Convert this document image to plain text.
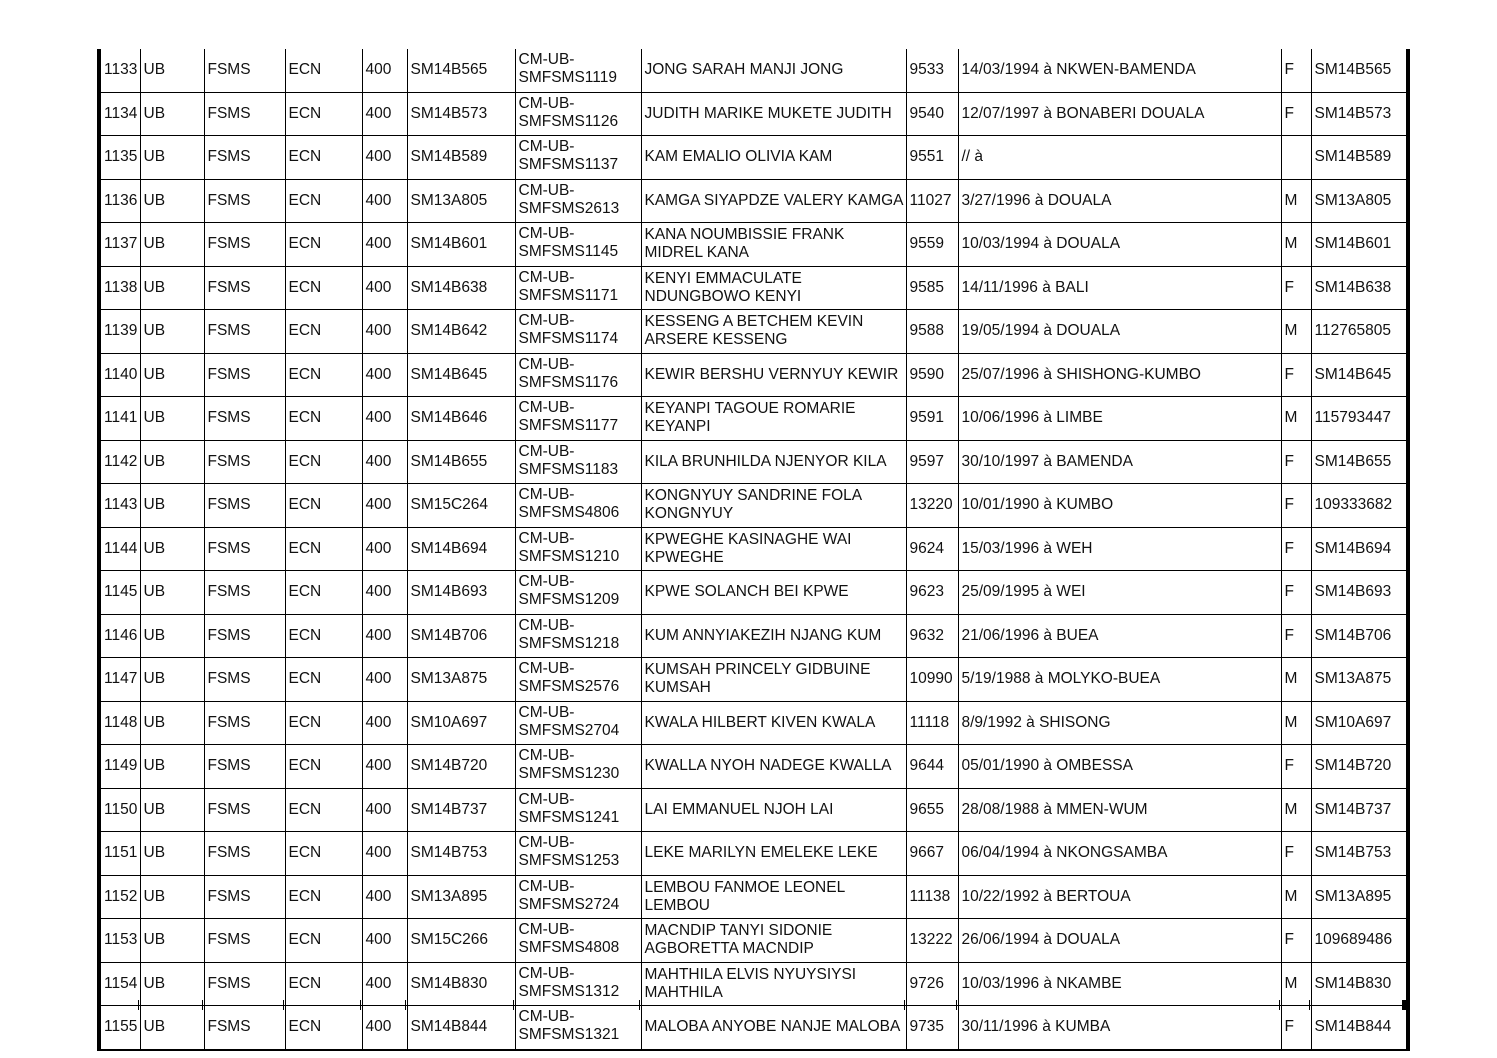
1133	UB	FSMS	ECN	400	SM14B565	CM-UB-SMFSMS1119	JONG SARAH MANJI JONG	9533	14/03/1994 à NKWEN-BAMENDA	F	SM14B565
1134	UB	FSMS	ECN	400	SM14B573	CM-UB-SMFSMS1126	JUDITH MARIKE MUKETE JUDITH	9540	12/07/1997 à BONABERI DOUALA	F	SM14B573
1135	UB	FSMS	ECN	400	SM14B589	CM-UB-SMFSMS1137	KAM EMALIO OLIVIA KAM	9551	// à		SM14B589
1136	UB	FSMS	ECN	400	SM13A805	CM-UB-SMFSMS2613	KAMGA SIYAPDZE VALERY KAMGA	11027	3/27/1996 à DOUALA	M	SM13A805
1137	UB	FSMS	ECN	400	SM14B601	CM-UB-SMFSMS1145	KANA NOUMBISSIE FRANK MIDREL KANA	9559	10/03/1994 à DOUALA	M	SM14B601
1138	UB	FSMS	ECN	400	SM14B638	CM-UB-SMFSMS1171	KENYI EMMACULATE NDUNGBOWO KENYI	9585	14/11/1996 à BALI	F	SM14B638
1139	UB	FSMS	ECN	400	SM14B642	CM-UB-SMFSMS1174	KESSENG A BETCHEM KEVIN ARSERE KESSENG	9588	19/05/1994 à DOUALA	M	112765805
1140	UB	FSMS	ECN	400	SM14B645	CM-UB-SMFSMS1176	KEWIR BERSHU VERNYUY KEWIR	9590	25/07/1996 à SHISHONG-KUMBO	F	SM14B645
1141	UB	FSMS	ECN	400	SM14B646	CM-UB-SMFSMS1177	KEYANPI TAGOUE ROMARIE KEYANPI	9591	10/06/1996 à LIMBE	M	115793447
1142	UB	FSMS	ECN	400	SM14B655	CM-UB-SMFSMS1183	KILA BRUNHILDA NJENYOR KILA	9597	30/10/1997 à BAMENDA	F	SM14B655
1143	UB	FSMS	ECN	400	SM15C264	CM-UB-SMFSMS4806	KONGNYUY SANDRINE FOLA KONGNYUY	13220	10/01/1990 à KUMBO	F	109333682
1144	UB	FSMS	ECN	400	SM14B694	CM-UB-SMFSMS1210	KPWEGHE KASINAGHE WAI KPWEGHE	9624	15/03/1996 à WEH	F	SM14B694
1145	UB	FSMS	ECN	400	SM14B693	CM-UB-SMFSMS1209	KPWE SOLANCH BEI KPWE	9623	25/09/1995 à WEI	F	SM14B693
1146	UB	FSMS	ECN	400	SM14B706	CM-UB-SMFSMS1218	KUM ANNYIAKEZIH NJANG KUM	9632	21/06/1996 à BUEA	F	SM14B706
1147	UB	FSMS	ECN	400	SM13A875	CM-UB-SMFSMS2576	KUMSAH PRINCELY GIDBUINE KUMSAH	10990	5/19/1988 à MOLYKO-BUEA	M	SM13A875
1148	UB	FSMS	ECN	400	SM10A697	CM-UB-SMFSMS2704	KWALA HILBERT KIVEN KWALA	11118	8/9/1992 à SHISONG	M	SM10A697
1149	UB	FSMS	ECN	400	SM14B720	CM-UB-SMFSMS1230	KWALLA NYOH NADEGE KWALLA	9644	05/01/1990 à OMBESSA	F	SM14B720
1150	UB	FSMS	ECN	400	SM14B737	CM-UB-SMFSMS1241	LAI EMMANUEL NJOH LAI	9655	28/08/1988 à MMEN-WUM	M	SM14B737
1151	UB	FSMS	ECN	400	SM14B753	CM-UB-SMFSMS1253	LEKE MARILYN EMELEKE LEKE	9667	06/04/1994 à NKONGSAMBA	F	SM14B753
1152	UB	FSMS	ECN	400	SM13A895	CM-UB-SMFSMS2724	LEMBOU FANMOE LEONEL LEMBOU	11138	10/22/1992 à BERTOUA	M	SM13A895
1153	UB	FSMS	ECN	400	SM15C266	CM-UB-SMFSMS4808	MACNDIP TANYI SIDONIE AGBORETTA MACNDIP	13222	26/06/1994 à DOUALA	F	109689486
1154	UB	FSMS	ECN	400	SM14B830	CM-UB-SMFSMS1312	MAHTHILA ELVIS NYUYSIYSI MAHTHILA	9726	10/03/1996 à NKAMBE	M	SM14B830
1155	UB	FSMS	ECN	400	SM14B844	CM-UB-SMFSMS1321	MALOBA ANYOBE NANJE MALOBA	9735	30/11/1996 à KUMBA	F	SM14B844
